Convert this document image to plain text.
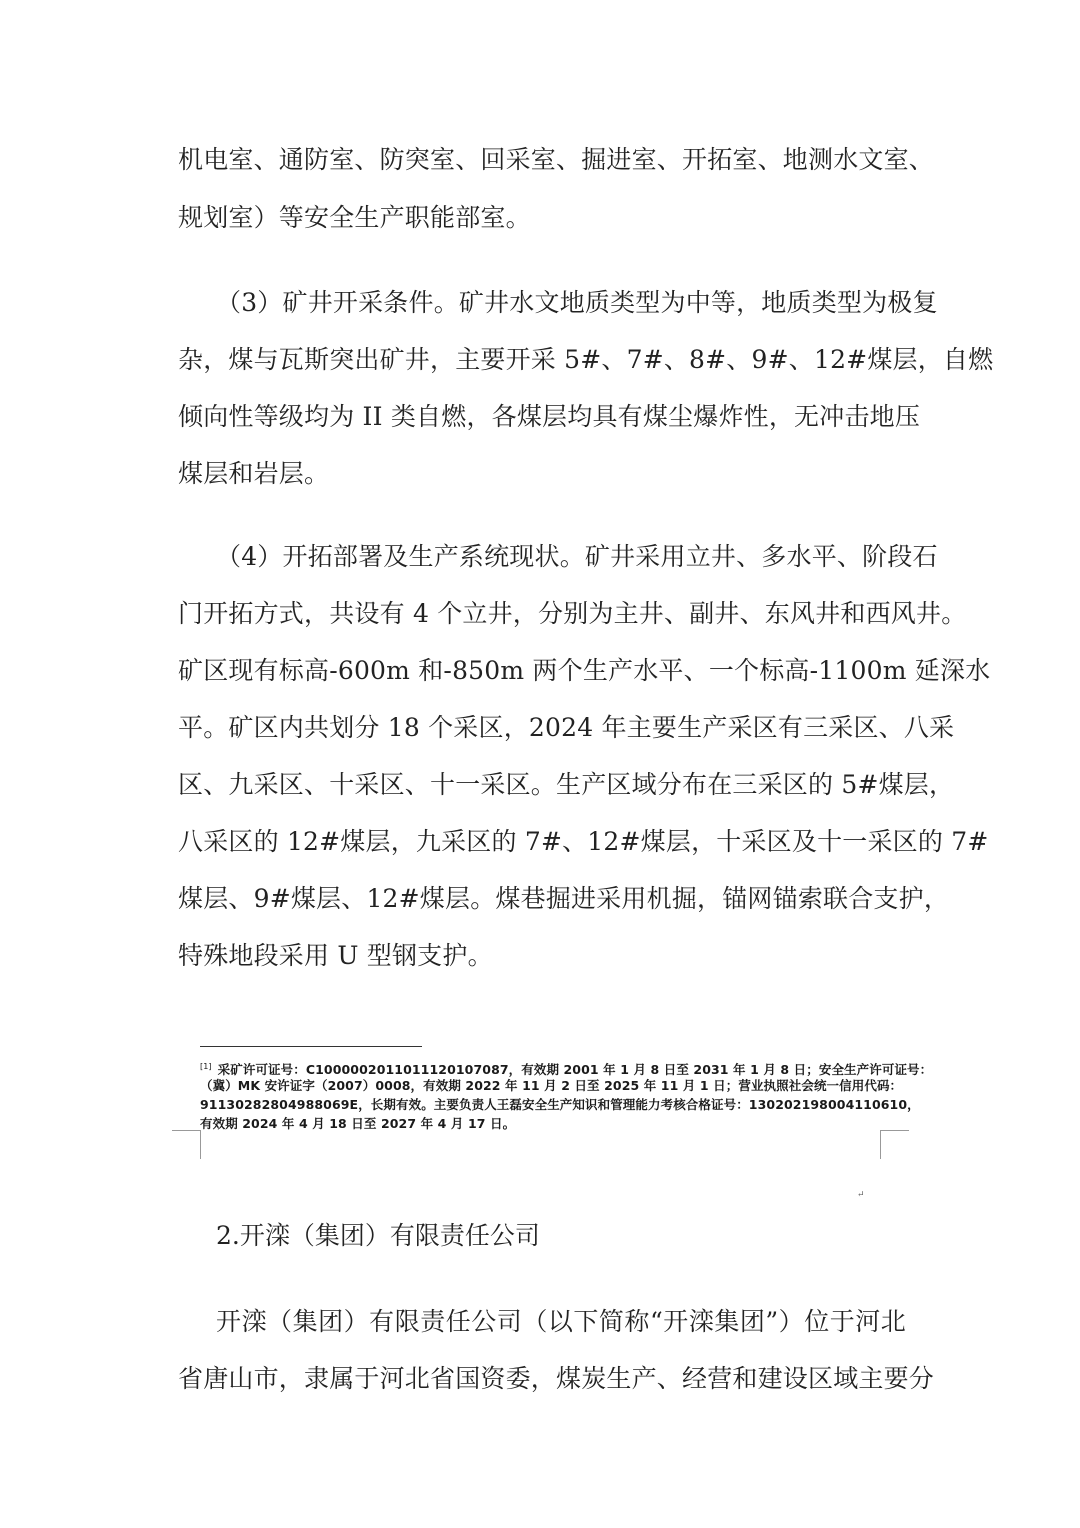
机电室、通防室、防突室、回采室、掘进室、开拓室、地测水文室、
规划室）等安全生产职能部室。
（3）矿井开采条件。矿井水文地质类型为中等，地质类型为极复
杂，煤与瓦斯突出矿井，主要开采 5#、7#、8#、9#、12#煤层，自燃
倾向性等级均为 II 类自燃，各煤层均具有煤尘爆炸性，无冲击地压
煤层和岩层。
（4）开拓部署及生产系统现状。矿井采用立井、多水平、阶段石
门开拓方式，共设有 4 个立井，分别为主井、副井、东风井和西风井。
矿区现有标高-600m 和-850m 两个生产水平、一个标高-1100m 延深水
平。矿区内共划分 18 个采区，2024 年主要生产采区有三采区、八采
区、九采区、十采区、十一采区。生产区域分布在三采区的 5#煤层，
八采区的 12#煤层，九采区的 7#、12#煤层，十采区及十一采区的 7#
煤层、9#煤层、12#煤层。煤巷掘进采用机掘，锚网锚索联合支护，
特殊地段采用 U 型钢支护。
[1] 采矿许可证号：C1000002011011120107087，有效期 2001 年 1 月 8 日至 2031 年 1 月 8 日；安全生产许可证号：
（冀）MK 安许证字（2007）0008，有效期 2022 年 11 月 2 日至 2025 年 11 月 1 日；营业执照社会统一信用代码：
91130282804988069E，长期有效。主要负责人王磊安全生产知识和管理能力考核合格证号：130202198004110610，
有效期 2024 年 4 月 18 日至 2027 年 4 月 17 日。
↵
2.开滦（集团）有限责任公司
开滦（集团）有限责任公司（以下简称“开滦集团”）位于河北
省唐山市，隶属于河北省国资委，煤炭生产、经营和建设区域主要分
